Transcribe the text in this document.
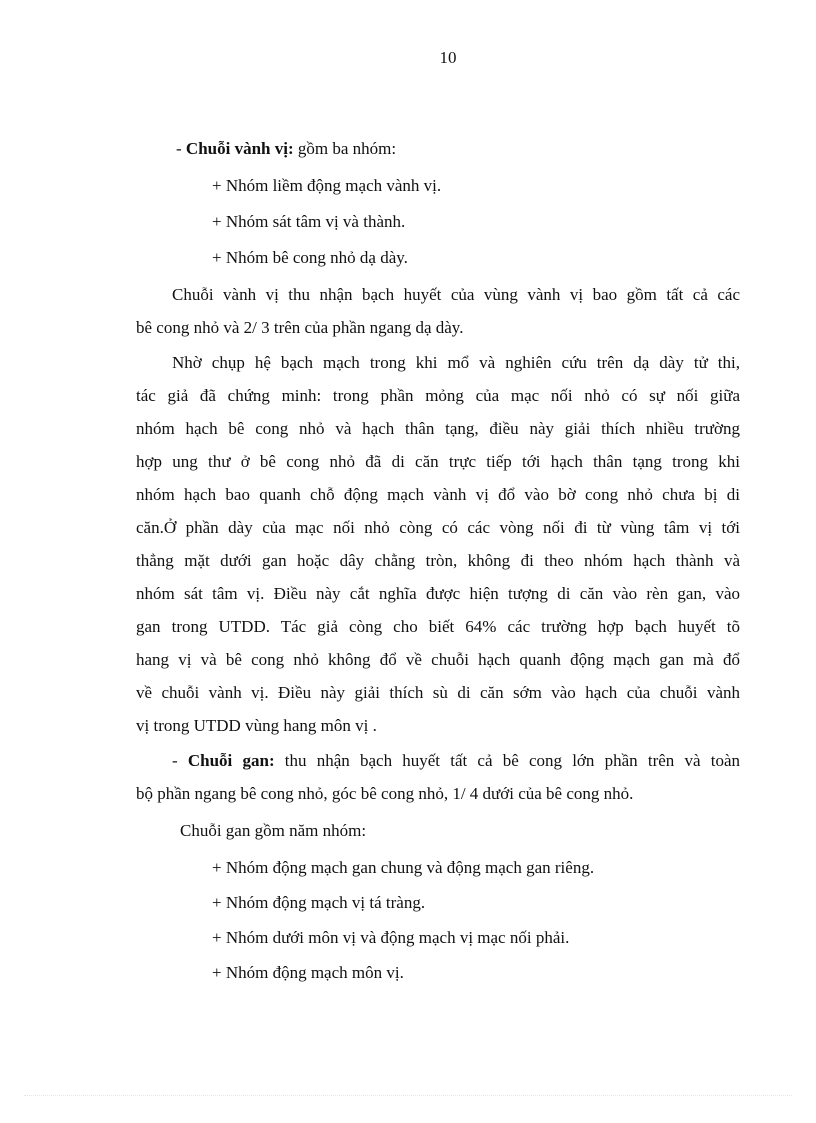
10
- Chuỗi vành vị: gồm ba nhóm:
+ Nhóm liềm động mạch vành vị.
+ Nhóm sát tâm vị và thành.
+ Nhóm bê cong nhỏ dạ dày.
Chuỗi vành vị thu nhận bạch huyết của vùng vành vị bao gồm tất cả các
bê cong nhỏ và 2/ 3 trên của phần ngang dạ dày.
Nhờ chụp hệ bạch mạch trong khi mổ và nghiên cứu trên dạ dày tử thi,
tác giả đã chứng minh: trong phần mỏng của mạc nối nhỏ có sự nối giữa
nhóm hạch bê cong nhỏ và hạch thân tạng, điều này giải thích nhiều trường
hợp ung thư ở bê cong nhỏ đã di căn trực tiếp tới hạch thân tạng trong khi
nhóm hạch bao quanh chỗ động mạch vành vị đổ vào bờ cong nhỏ chưa bị di
căn.Ở phần dày của mạc nối nhỏ còng có các vòng nối đi từ vùng tâm vị tới
thẳng mặt dưới gan hoặc dây chằng tròn, không đi theo nhóm hạch thành và
nhóm sát tâm vị. Điều này cắt nghĩa được hiện tượng di căn vào rèn gan, vào
gan trong UTDD. Tác giả còng cho biết 64% các trường hợp bạch huyết tõ
hang vị và bê cong nhỏ không đổ về chuỗi hạch quanh động mạch gan mà đổ
về chuỗi vành vị. Điều này giải thích sù di căn sớm vào hạch của chuỗi vành
vị trong UTDD vùng hang môn vị .
- Chuỗi gan: thu nhận bạch huyết tất cả bê cong lớn phần trên và toàn
bộ phần ngang bê cong nhỏ, góc bê cong nhỏ, 1/ 4 dưới của bê cong nhỏ.
Chuỗi gan gồm năm nhóm:
+ Nhóm động mạch gan chung và động mạch gan riêng.
+ Nhóm động mạch vị tá tràng.
+ Nhóm dưới môn vị và động mạch vị mạc nối phải.
+ Nhóm động mạch môn vị.
